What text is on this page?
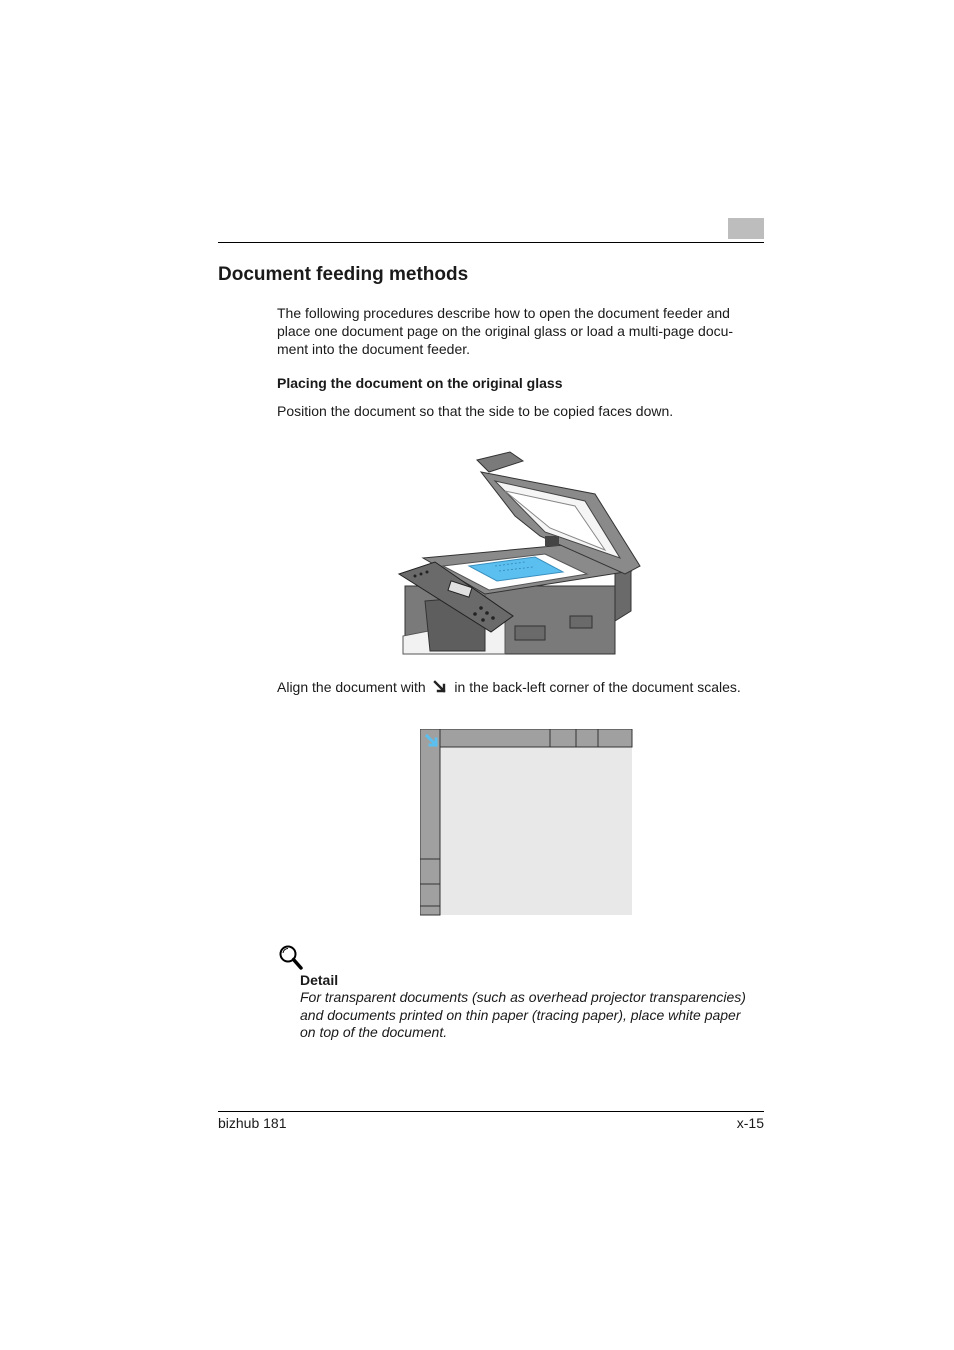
Document feeding methods
The following procedures describe how to open the document feeder and
place one document page on the original glass or load a multi-page docu-
ment into the document feeder.
Placing the document on the original glass
Position the document so that the side to be copied faces down.
Align the document with in the back-left corner of the document scales.
Detail
For transparent documents (such as overhead projector transparencies)
and documents printed on thin paper (tracing paper), place white paper
on top of the document.
bizhub 181	x-15
